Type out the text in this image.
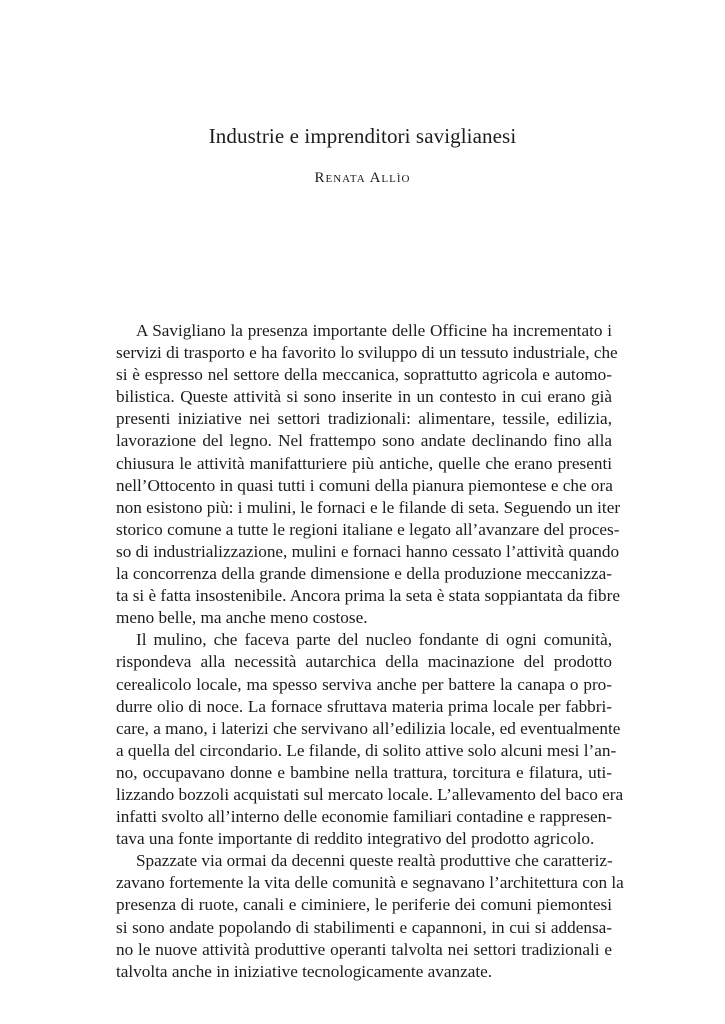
Industrie e imprenditori saviglianesi
Renata Allìo
A Savigliano la presenza importante delle Officine ha incrementato i
servizi di trasporto e ha favorito lo sviluppo di un tessuto industriale, che
si è espresso nel settore della meccanica, soprattutto agricola e automo-
bilistica. Queste attività si sono inserite in un contesto in cui erano già
presenti iniziative nei settori tradizionali: alimentare, tessile, edilizia,
lavorazione del legno. Nel frattempo sono andate declinando fino alla
chiusura le attività manifatturiere più antiche, quelle che erano presenti
nell’Ottocento in quasi tutti i comuni della pianura piemontese e che ora
non esistono più: i mulini, le fornaci e le filande di seta. Seguendo un iter
storico comune a tutte le regioni italiane e legato all’avanzare del proces-
so di industrializzazione, mulini e fornaci hanno cessato l’attività quando
la concorrenza della grande dimensione e della produzione meccanizza-
ta si è fatta insostenibile. Ancora prima la seta è stata soppiantata da fibre
meno belle, ma anche meno costose.
Il mulino, che faceva parte del nucleo fondante di ogni comunità,
rispondeva alla necessità autarchica della macinazione del prodotto
cerealicolo locale, ma spesso serviva anche per battere la canapa o pro-
durre olio di noce. La fornace sfruttava materia prima locale per fabbri-
care, a mano, i laterizi che servivano all’edilizia locale, ed eventualmente
a quella del circondario. Le filande, di solito attive solo alcuni mesi l’an-
no, occupavano donne e bambine nella trattura, torcitura e filatura, uti-
lizzando bozzoli acquistati sul mercato locale. L’allevamento del baco era
infatti svolto all’interno delle economie familiari contadine e rappresen-
tava una fonte importante di reddito integrativo del prodotto agricolo.
Spazzate via ormai da decenni queste realtà produttive che caratteriz-
zavano fortemente la vita delle comunità e segnavano l’architettura con la
presenza di ruote, canali e ciminiere, le periferie dei comuni piemontesi
si sono andate popolando di stabilimenti e capannoni, in cui si addensa-
no le nuove attività produttive operanti talvolta nei settori tradizionali e
talvolta anche in iniziative tecnologicamente avanzate.
